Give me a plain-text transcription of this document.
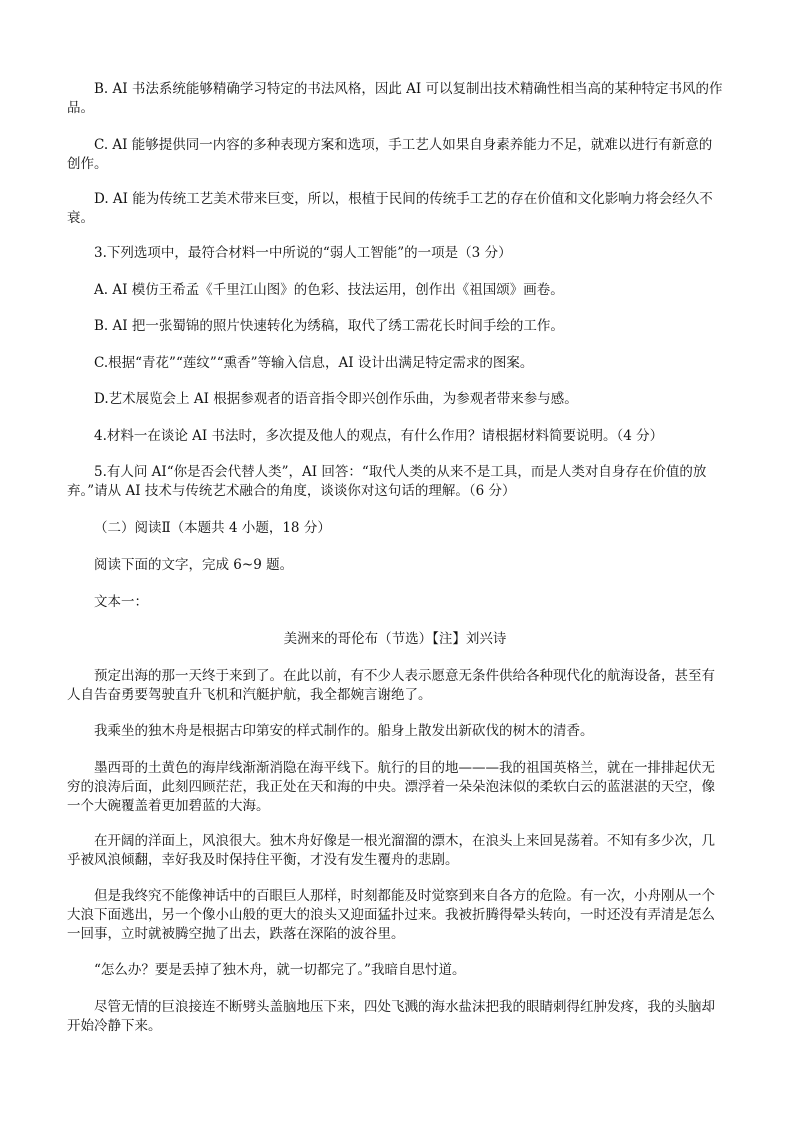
B. AI 书法系统能够精确学习特定的书法风格，因此 AI 可以复制出技术精确性相当高的某种特定书风的作品。

C. AI 能够提供同一内容的多种表现方案和选项，手工艺人如果自身素养能力不足，就难以进行有新意的创作。

D. AI 能为传统工艺美术带来巨变，所以，根植于民间的传统手工艺的存在价值和文化影响力将会经久不衰。

3.下列选项中，最符合材料一中所说的“弱人工智能”的一项是（3 分）

A. AI 模仿王希孟《千里江山图》的色彩、技法运用，创作出《祖国颂》画卷。

B. AI 把一张蜀锦的照片快速转化为绣稿，取代了绣工需花长时间手绘的工作。

C.根据“青花”“莲纹”“熏香”等输入信息，AI 设计出满足特定需求的图案。

D.艺术展览会上 AI 根据参观者的语音指令即兴创作乐曲，为参观者带来参与感。

4.材料一在谈论 AI 书法时，多次提及他人的观点，有什么作用？请根据材料简要说明。（4 分）

5.有人问 AI“你是否会代替人类”，AI 回答：“取代人类的从来不是工具，而是人类对自身存在价值的放弃。”请从 AI 技术与传统艺术融合的角度，谈谈你对这句话的理解。（6 分）

（二）阅读Ⅱ（本题共 4 小题，18 分）

阅读下面的文字，完成 6~9 题。

文本一：

美洲来的哥伦布（节选）【注】刘兴诗

预定出海的那一天终于来到了。在此以前，有不少人表示愿意无条件供给各种现代化的航海设备，甚至有人自告奋勇要驾驶直升飞机和汽艇护航，我全都婉言谢绝了。

我乘坐的独木舟是根据古印第安的样式制作的。船身上散发出新砍伐的树木的清香。

墨西哥的土黄色的海岸线渐渐消隐在海平线下。航行的目的地———我的祖国英格兰，就在一排排起伏无穷的浪涛后面，此刻四顾茫茫，我正处在天和海的中央。漂浮着一朵朵泡沫似的柔软白云的蓝湛湛的天空，像一个大碗覆盖着更加碧蓝的大海。

在开阔的洋面上，风浪很大。独木舟好像是一根光溜溜的漂木，在浪头上来回晃荡着。不知有多少次，几乎被风浪倾翻，幸好我及时保持住平衡，才没有发生覆舟的悲剧。

但是我终究不能像神话中的百眼巨人那样，时刻都能及时觉察到来自各方的危险。有一次，小舟刚从一个大浪下面逃出，另一个像小山般的更大的浪头又迎面猛扑过来。我被折腾得晕头转向，一时还没有弄清是怎么一回事，立时就被腾空抛了出去，跌落在深陷的波谷里。

“怎么办？要是丢掉了独木舟，就一切都完了。”我暗自思忖道。

尽管无情的巨浪接连不断劈头盖脑地压下来，四处飞溅的海水盐沫把我的眼睛刺得红肿发疼，我的头脑却开始冷静下来。
